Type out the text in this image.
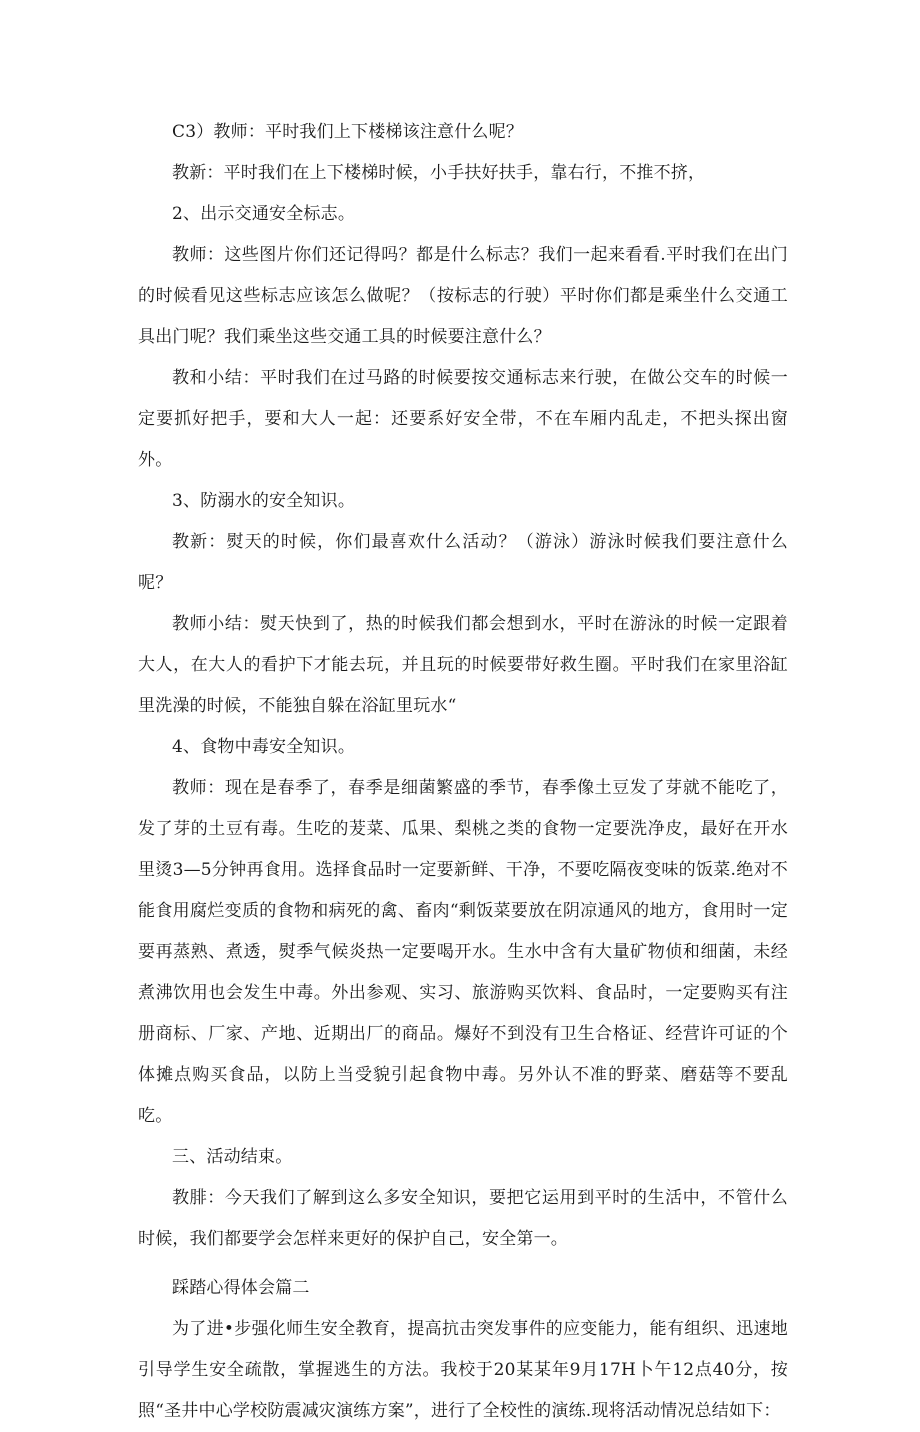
C3）教师：平时我们上下楼梯该注意什么呢？

教新：平时我们在上下楼梯时候，小手扶好扶手，靠右行，不推不挤，

2、出示交通安全标志。

教师：这些图片你们还记得吗？都是什么标志？我们一起来看看.平时我们在出门的时候看见这些标志应该怎么做呢？（按标志的行驶）平时你们都是乘坐什么交通工具出门呢？我们乘坐这些交通工具的时候要注意什么？

教和小结：平时我们在过马路的时候要按交通标志来行驶，在做公交车的时候一定要抓好把手，要和大人一起：还要系好安全带，不在车厢内乱走，不把头探出窗外。

3、防溺水的安全知识。

教新：熨天的时候，你们最喜欢什么活动？（游泳）游泳时候我们要注意什么呢？

教师小结：熨天快到了，热的时候我们都会想到水，平时在游泳的时候一定跟着大人，在大人的看护下才能去玩，并且玩的时候要带好救生圈。平时我们在家里浴缸里洗澡的时候，不能独自躲在浴缸里玩水“

4、食物中毒安全知识。

教师：现在是春季了，春季是细菌繁盛的季节，春季像土豆发了芽就不能吃了，发了芽的土豆有毒。生吃的茇菜、瓜果、梨桃之类的食物一定要洗净皮，最好在开水里烫3—5分钟再食用。选择食品时一定要新鲜、干净，不要吃隔夜变味的饭菜.绝对不能食用腐烂变质的食物和病死的禽、畜肉“剩饭菜要放在阴凉通风的地方，食用时一定要再蒸熟、煮透，熨季气候炎热一定要喝开水。生水中含有大量矿物侦和细菌，未经煮沸饮用也会发生中毒。外出参观、实习、旅游购买饮料、食品时，一定要购买有注册商标、厂家、产地、近期出厂的商品。爆好不到没有卫生合格证、经营许可证的个体摊点购买食品，以防上当受貌引起食物中毒。另外认不准的野菜、磨菇等不要乱吃。

三、活动结束。

教腓：今天我们了解到这么多安全知识，要把它运用到平时的生活中，不管什么时候，我们都要学会怎样来更好的保护自己，安全第一。

踩踏心得体会篇二

为了进•步强化师生安全教育，提高抗击突发事件的应变能力，能有组织、迅速地引导学生安全疏散，掌握逃生的方法。我校于20某某年9月17H卜午12点40分，按照“圣井中心学校防震减灾演练方案”，进行了全校性的演练.现将活动情况总结如下：
